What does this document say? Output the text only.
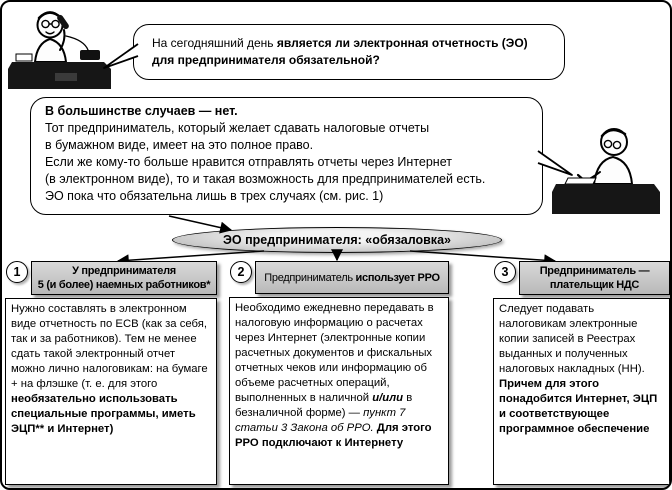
На сегодняшний день является ли электронная отчетность (ЭО)
для предпринимателя обязательной?
В большинстве случаев — нет.
Тот предприниматель, который желает сдавать налоговые отчеты
в бумажном виде, имеет на это полное право.
Если же кому-то больше нравится отправлять отчеты через Интернет
(в электронном виде), то и такая возможность для предпринимателей есть.
ЭО пока что обязательна лишь в трех случаях (см. рис. 1)
ЭО предпринимателя: «обязаловка»
1	У предпринимателя
5 (и более) наемных работников*
Нужно составлять в электронном виде отчетность по ЕСВ (как за себя, так и за работников). Тем не менее сдать такой электронный отчет можно лично налоговикам: на бумаге + на флэшке (т. е. для этого необязательно использовать специальные программы, иметь ЭЦП** и Интернет)
2	Предприниматель использует РРО
Необходимо ежедневно передавать в налоговую информацию о расчетах через Интернет (электронные копии расчетных документов и фискальных отчетных чеков или информацию об объеме расчетных операций, выполненных в наличной и/или в безналичной форме) — пункт 7 статьи 3 Закона об РРО. Для этого РРО подключают к Интернету
3	Предприниматель —
плательщик НДС
Следует подавать налоговикам электронные копии записей в Реестрах выданных и полученных налоговых накладных (НН). Причем для этого понадобится Интернет, ЭЦП и соответствующее программное обеспечение
